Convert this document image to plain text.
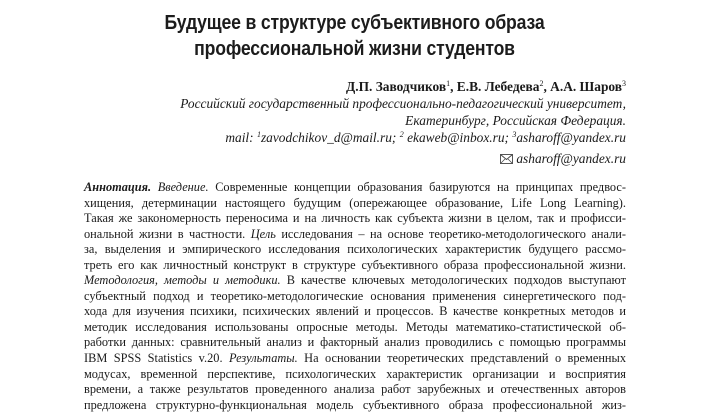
Будущее в структуре субъективного образа
профессиональной жизни студентов
Д.П. Заводчиков$^1$, Е.В. Лебедева$^2$, А.А. Шаров$^3$
Российский государственный профессионально-педагогический университет,
Екатеринбург, Российская Федерация.
mail: $^1$zavodchikov_d@mail.ru; $^2$ ekaweb@inbox.ru; $^3$asharoff@yandex.ru
asharoff@yandex.ru
Аннотация. Введение. Современные концепции образования базируются на принципах предвос-
хищения, детерминации настоящего будущим (опережающее образование, Life Long Learning).
Такая же закономерность переносима и на личность как субъекта жизни в целом, так и профисси-
ональной жизни в частности. Цель исследования – на основе теоретико-методологического анали-
за, выделения и эмпирического исследования психологических характеристик будущего рассмо-
треть его как личностный конструкт в структуре субъективного образа профессиональной жизни.
Методология, методы и методики. В качестве ключевых методологических подходов выступают
субъектный подход и теоретико-методологические основания применения синергетического под-
хода для изучения психики, психических явлений и процессов. В качестве конкретных методов и
методик исследования использованы опросные методы. Методы математико-статистической об-
работки данных: сравнительный анализ и факторный анализ проводились с помощью программы
IBM SPSS Statistics v.20. Результаты. На основании теоретических представлений о временных
модусах, временной перспективе, психологических характеристик организации и восприятия
времени, а также результатов проведенного анализа работ зарубежных и отечественных авторов
предложена структурно-функциональная модель субъективного образа профессиональной жиз-
